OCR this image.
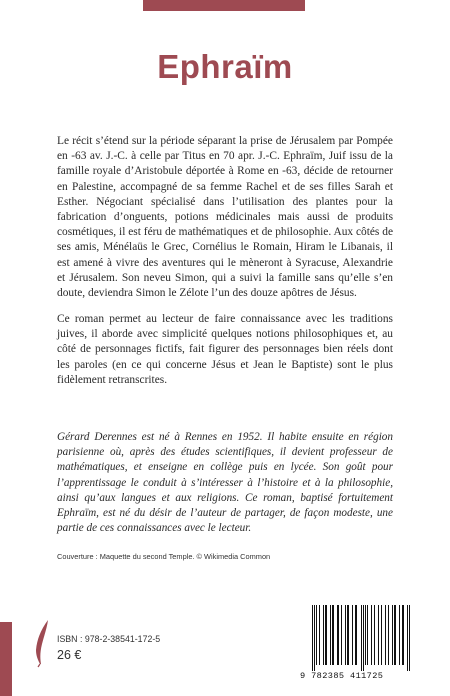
Ephraïm

Le récit s’étend sur la période séparant la prise de Jérusalem par Pompée en -63 av. J.-C. à celle par Titus en 70 apr. J.-C. Ephraïm, Juif issu de la famille royale d’Aristobule déportée à Rome en -63, décide de retourner en Palestine, accompagné de sa femme Rachel et de ses filles Sarah et Esther. Négociant spécialisé dans l’utilisation des plantes pour la fabrication d’onguents, potions médicinales mais aussi de produits cosmétiques, il est féru de mathématiques et de philosophie. Aux côtés de ses amis, Ménélaüs le Grec, Cornélius le Romain, Hiram le Libanais, il est amené à vivre des aventures qui le mèneront à Syracuse, Alexandrie et Jérusalem. Son neveu Simon, qui a suivi la famille sans qu’elle s’en doute, deviendra Simon le Zélote l’un des douze apôtres de Jésus.

Ce roman permet au lecteur de faire connaissance avec les traditions juives, il aborde avec simplicité quelques notions philosophiques et, au côté de personnages fictifs, fait figurer des personnages bien réels dont les paroles (en ce qui concerne Jésus et Jean le Baptiste) sont le plus fidèlement retranscrites.

Gérard Derennes est né à Rennes en 1952. Il habite ensuite en région parisienne où, après des études scientifiques, il devient professeur de mathématiques, et enseigne en collège puis en lycée. Son goût pour l’apprentissage le conduit à s’intéresser à l’histoire et à la philosophie, ainsi qu’aux langues et aux religions. Ce roman, baptisé fortuitement Ephraïm, est né du désir de l’auteur de partager, de façon modeste, une partie de ces connaissances avec le lecteur.

Couverture : Maquette du second Temple. © Wikimedia Common
ISBN : 978-2-38541-172-5
26 €
9 782385 411725
